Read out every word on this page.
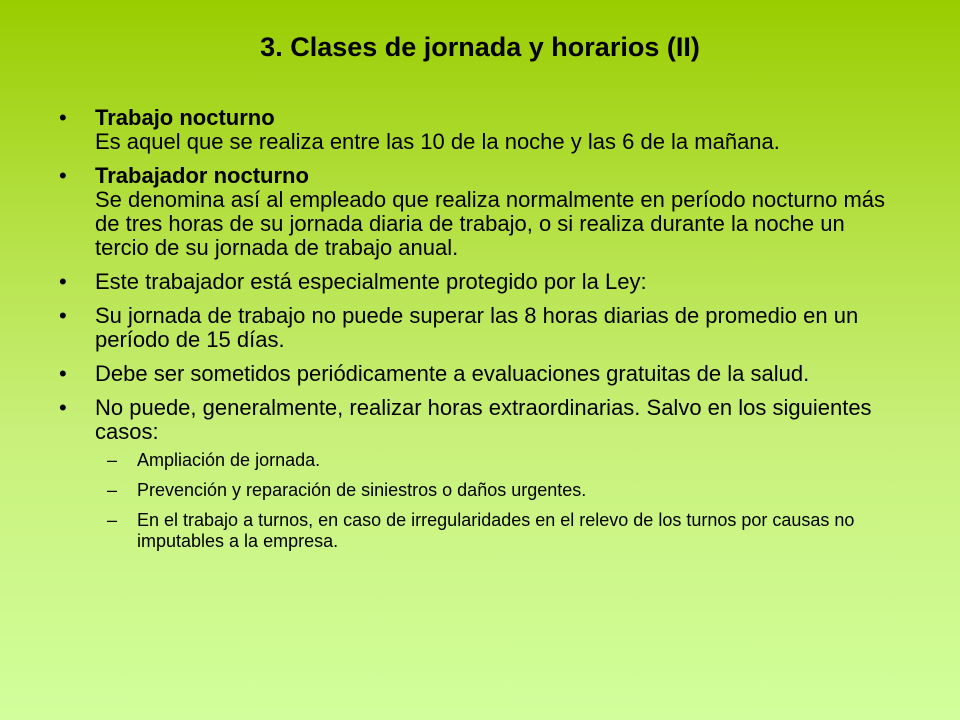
3. Clases de jornada y horarios (II)
• Trabajo nocturno
Es aquel que se realiza entre las 10 de la noche y las 6 de la mañana.
• Trabajador nocturno
Se denomina así al empleado que realiza normalmente en período nocturno más de tres horas de su jornada diaria de trabajo, o si realiza durante la noche un tercio de su jornada de trabajo anual.
• Este trabajador está especialmente protegido por la Ley:
• Su jornada de trabajo no puede superar las 8 horas diarias de promedio en un período de 15 días.
• Debe ser sometidos periódicamente a evaluaciones gratuitas de la salud.
• No puede, generalmente, realizar horas extraordinarias. Salvo en los siguientes casos:
– Ampliación de jornada.
– Prevención y reparación de siniestros o daños urgentes.
– En el trabajo a turnos, en caso de irregularidades en el relevo de los turnos por causas no imputables a la empresa.
